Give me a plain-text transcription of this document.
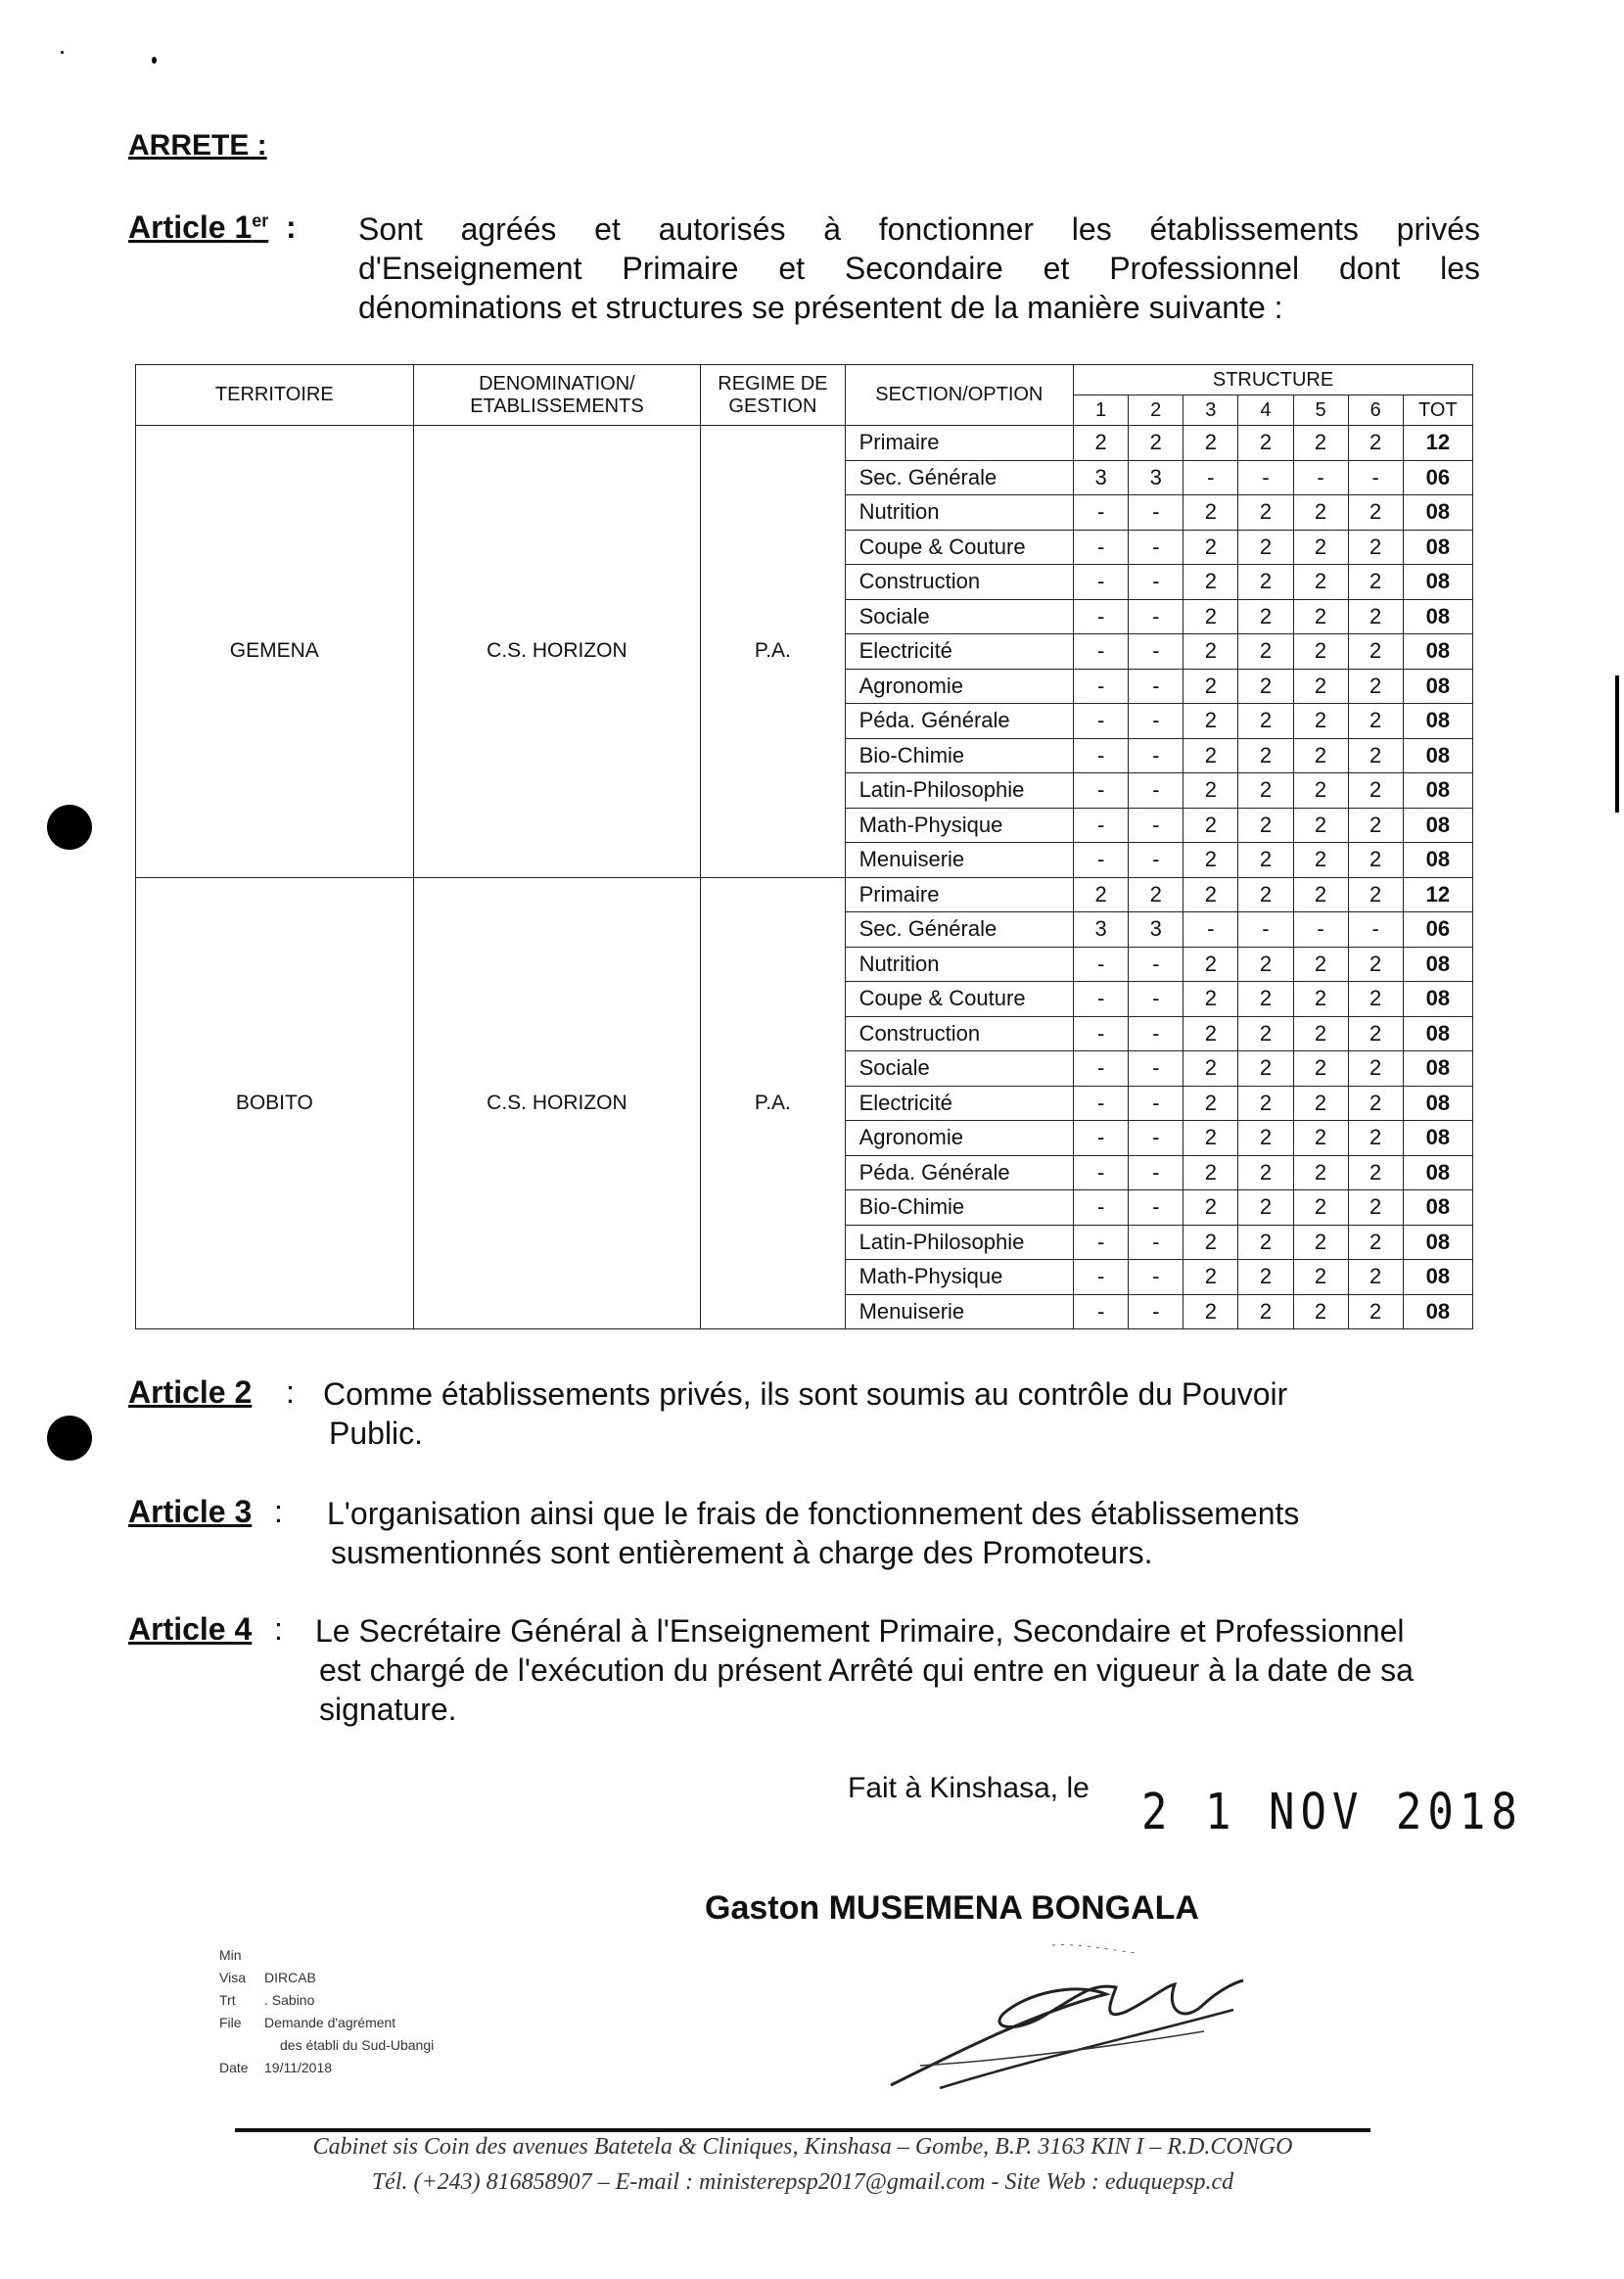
ARRETE :
Article 1er : Sont agréés et autorisés à fonctionner les établissements privés
d'Enseignement Primaire et Secondaire et Professionnel dont les
dénominations et structures se présentent de la manière suivante :
TERRITOIRE	DENOMINATION/ ETABLISSEMENTS	REGIME DE GESTION	SECTION/OPTION	STRUCTURE						
				1	2	3	4	5	6	TOT
GEMENA	C.S. HORIZON	P.A.	Primaire	2	2	2	2	2	2	12
			Sec. Générale	3	3	-	-	-	-	06
			Nutrition	-	-	2	2	2	2	08
			Coupe & Couture	-	-	2	2	2	2	08
			Construction	-	-	2	2	2	2	08
			Sociale	-	-	2	2	2	2	08
			Electricité	-	-	2	2	2	2	08
			Agronomie	-	-	2	2	2	2	08
			Péda. Générale	-	-	2	2	2	2	08
			Bio-Chimie	-	-	2	2	2	2	08
			Latin-Philosophie	-	-	2	2	2	2	08
			Math-Physique	-	-	2	2	2	2	08
			Menuiserie	-	-	2	2	2	2	08
BOBITO	C.S. HORIZON	P.A.	Primaire	2	2	2	2	2	2	12
			Sec. Générale	3	3	-	-	-	-	06
			Nutrition	-	-	2	2	2	2	08
			Coupe & Couture	-	-	2	2	2	2	08
			Construction	-	-	2	2	2	2	08
			Sociale	-	-	2	2	2	2	08
			Electricité	-	-	2	2	2	2	08
			Agronomie	-	-	2	2	2	2	08
			Péda. Générale	-	-	2	2	2	2	08
			Bio-Chimie	-	-	2	2	2	2	08
			Latin-Philosophie	-	-	2	2	2	2	08
			Math-Physique	-	-	2	2	2	2	08
			Menuiserie	-	-	2	2	2	2	08
Article 2 : Comme établissements privés, ils sont soumis au contrôle du Pouvoir
Public.
Article 3 : L'organisation ainsi que le frais de fonctionnement des établissements
susmentionnés sont entièrement à charge des Promoteurs.
Article 4 : Le Secrétaire Général à l'Enseignement Primaire, Secondaire et Professionnel
est chargé de l'exécution du présent Arrêté qui entre en vigueur à la date de sa
signature.
Fait à Kinshasa, le 2 1 NOV 2018
Gaston MUSEMENA BONGALA
Min
Visa DIRCAB
Trt . Sabino
File Demande d'agrément
des établi du Sud-Ubangi
Date 19/11/2018
Cabinet sis Coin des avenues Batetela & Cliniques, Kinshasa – Gombe, B.P. 3163 KIN I – R.D.CONGO
Tél. (+243) 816858907 – E-mail : ministerepsp2017@gmail.com - Site Web : eduquepsp.cd
